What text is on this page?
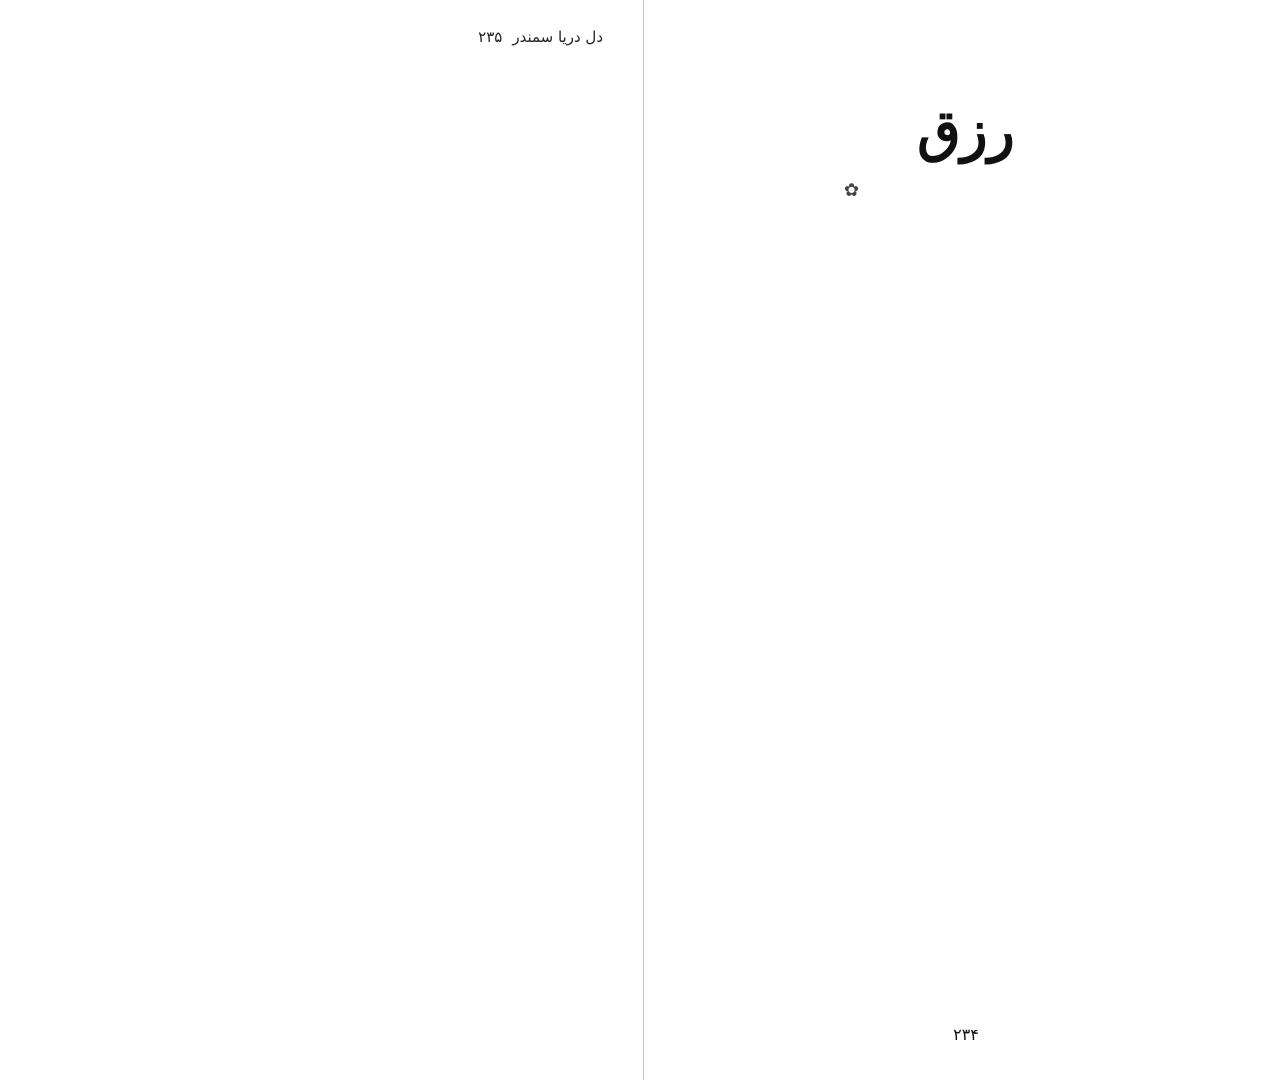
دل دریا سمندر
۲۳۵
✿
رزق
۲۳۴
